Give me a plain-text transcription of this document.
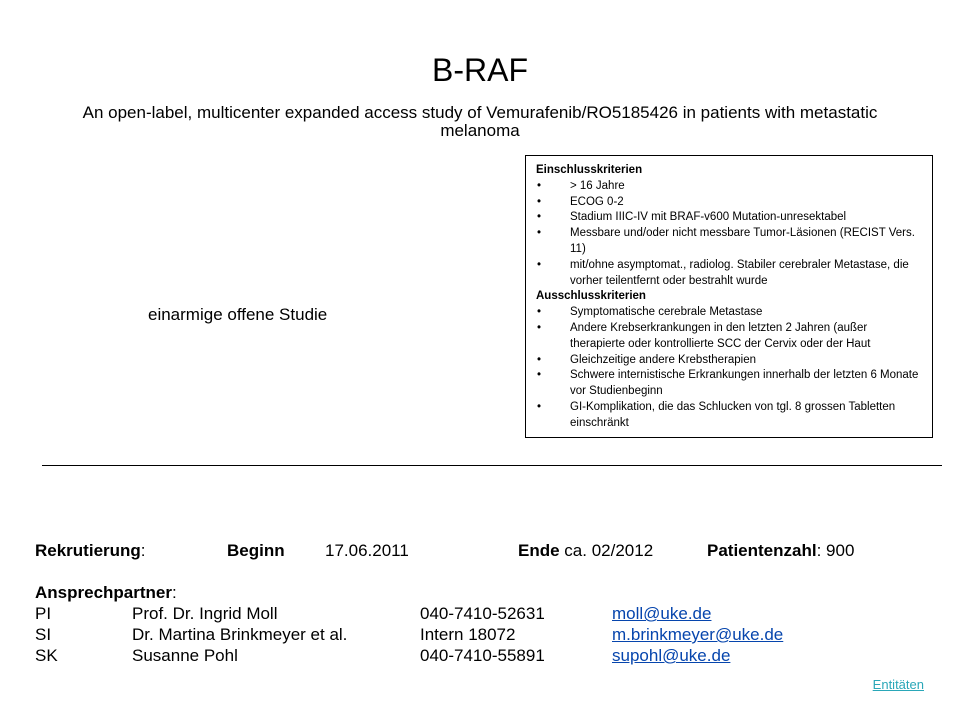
B-RAF
An open-label, multicenter expanded access study of Vemurafenib/RO5185426 in patients with metastatic melanoma
einarmige offene Studie
Einschlusskriterien
•	> 16 Jahre
•	ECOG 0-2
•	Stadium IIIC-IV mit BRAF-v600 Mutation-unresektabel
•	Messbare und/oder nicht messbare Tumor-Läsionen (RECIST Vers. 11)
•	mit/ohne asymptomat., radiolog. Stabiler cerebraler Metastase, die vorher teilentfernt oder bestrahlt wurde
Ausschlusskriterien
•	Symptomatische cerebrale Metastase
•	Andere Krebserkrankungen in den letzten 2 Jahren (außer therapierte oder kontrollierte SCC der Cervix oder der Haut
•	Gleichzeitige andere Krebstherapien
•	Schwere internistische Erkrankungen innerhalb der letzten 6 Monate vor Studienbeginn
•	GI-Komplikation, die das Schlucken von tgl. 8 grossen Tabletten einschränkt
Rekrutierung:	Beginn 17.06.2011	Ende ca. 02/2012	Patientenzahl: 900
Ansprechpartner:
PI	Prof. Dr. Ingrid Moll	040-7410-52631	moll@uke.de
SI	Dr. Martina Brinkmeyer et al.	Intern 18072	m.brinkmeyer@uke.de
SK	Susanne Pohl	040-7410-55891	supohl@uke.de
Entitäten
